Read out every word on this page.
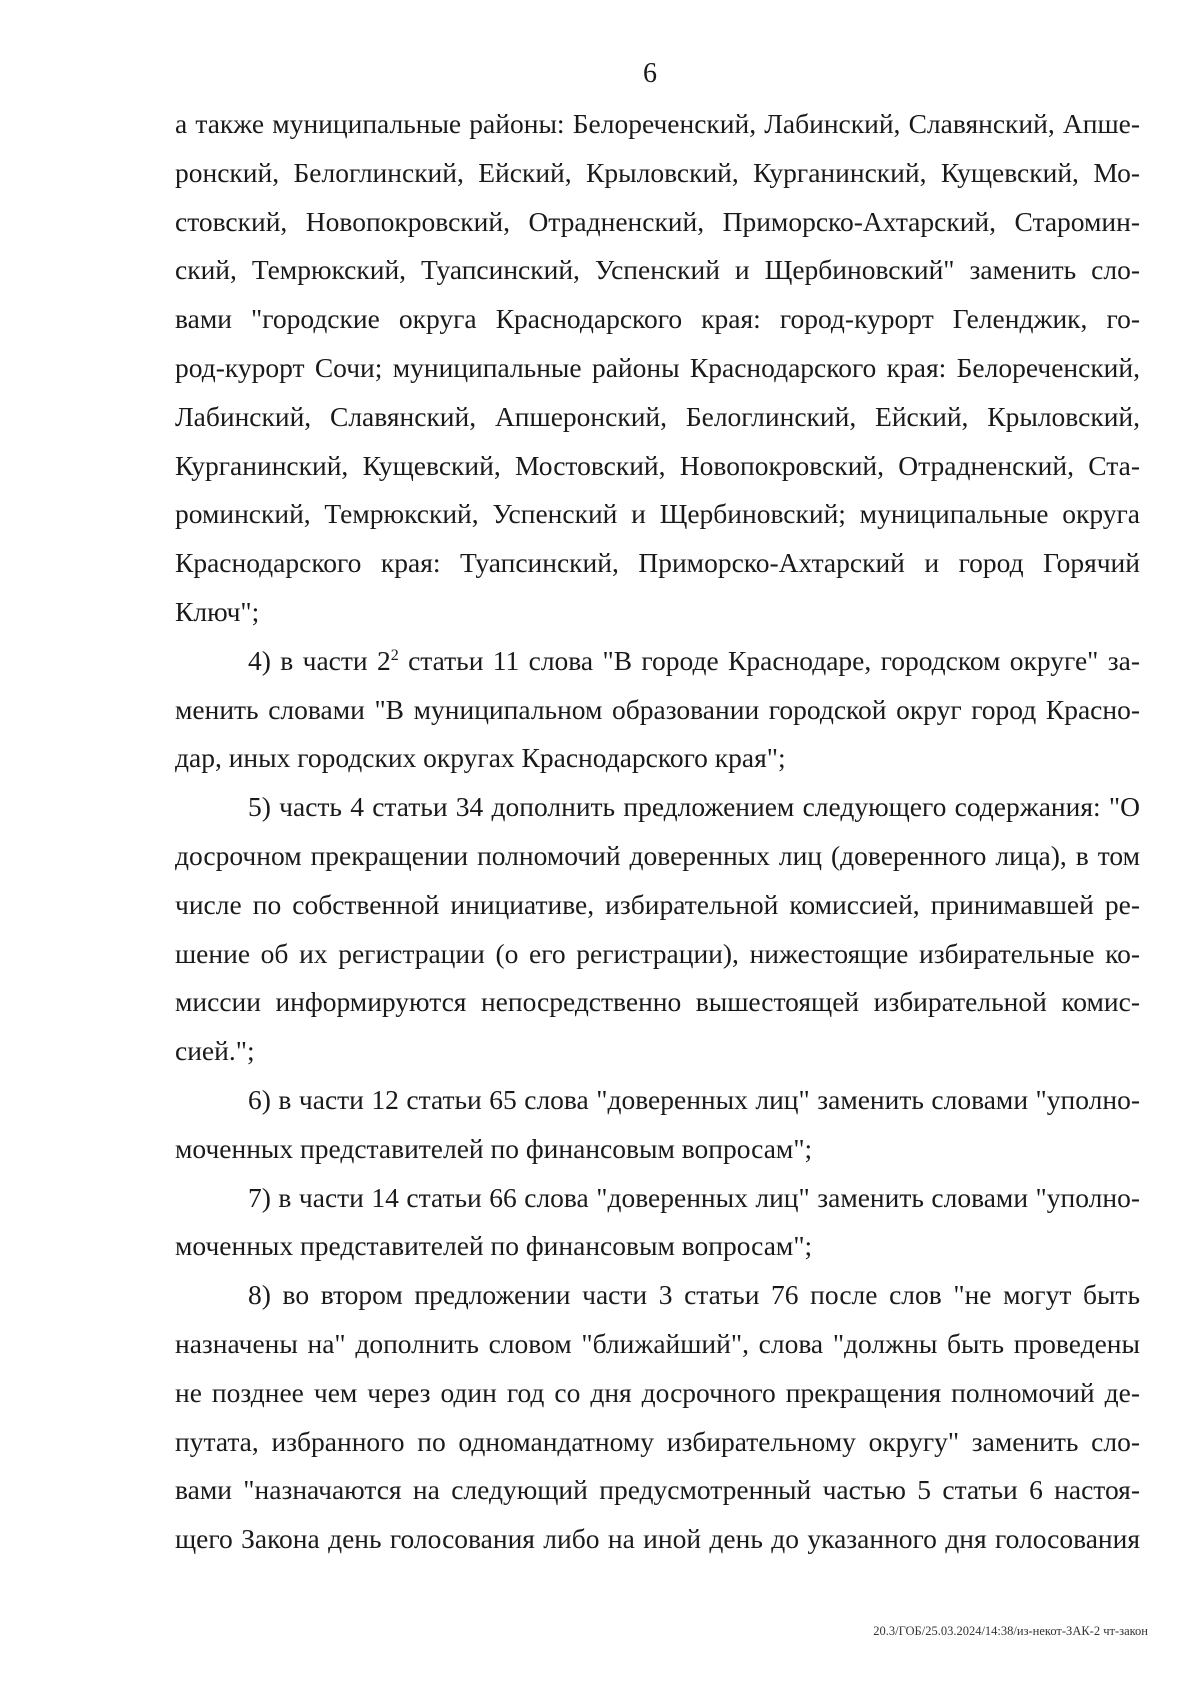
6
а также муниципальные районы: Белореченский, Лабинский, Славянский, Апше-
ронский, Белоглинский, Ейский, Крыловский, Курганинский, Кущевский, Мо-
стовский, Новопокровский, Отрадненский, Приморско-Ахтарский, Старомин-
ский, Темрюкский, Туапсинский, Успенский и Щербиновский" заменить сло-
вами "городские округа Краснодарского края: город-курорт Геленджик, го-
род-курорт Сочи; муниципальные районы Краснодарского края: Белореченский,
Лабинский, Славянский, Апшеронский, Белоглинский, Ейский, Крыловский,
Курганинский, Кущевский, Мостовский, Новопокровский, Отрадненский, Ста-
роминский, Темрюкский, Успенский и Щербиновский; муниципальные округа
Краснодарского края: Туапсинский, Приморско-Ахтарский и город Горячий
Ключ";
4) в части $2^2$ статьи 11 слова "В городе Краснодаре, городском округе" за-
менить словами "В муниципальном образовании городской округ город Красно-
дар, иных городских округах Краснодарского края";
5) часть 4 статьи 34 дополнить предложением следующего содержания: "О
досрочном прекращении полномочий доверенных лиц (доверенного лица), в том
числе по собственной инициативе, избирательной комиссией, принимавшей ре-
шение об их регистрации (о его регистрации), нижестоящие избирательные ко-
миссии информируются непосредственно вышестоящей избирательной комис-
сией.";
6) в части 12 статьи 65 слова "доверенных лиц" заменить словами "уполно-
моченных представителей по финансовым вопросам";
7) в части 14 статьи 66 слова "доверенных лиц" заменить словами "уполно-
моченных представителей по финансовым вопросам";
8) во втором предложении части 3 статьи 76 после слов "не могут быть
назначены на" дополнить словом "ближайший", слова "должны быть проведены
не позднее чем через один год со дня досрочного прекращения полномочий де-
путата, избранного по одномандатному избирательному округу" заменить сло-
вами "назначаются на следующий предусмотренный частью 5 статьи 6 настоя-
щего Закона день голосования либо на иной день до указанного дня голосования
20.3/ГОБ/25.03.2024/14:38/из-некот-ЗАК-2 чт-закон
